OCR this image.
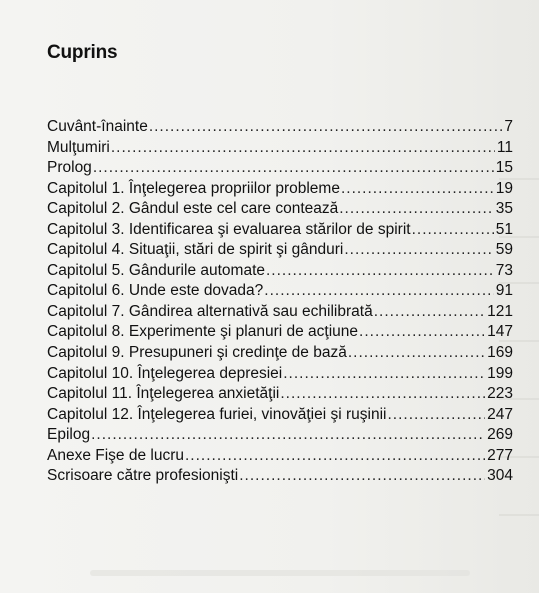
Cuprins
Cuvânt-înainte .....	7
Mulţumiri .....	11
Prolog .....	15
Capitolul 1. Înţelegerea propriilor probleme .....	19
Capitolul 2. Gândul este cel care contează .....	35
Capitolul 3. Identificarea şi evaluarea stărilor de spirit .....	51
Capitolul 4. Situaţii, stări de spirit şi gânduri .....	59
Capitolul 5. Gândurile automate .....	73
Capitolul 6. Unde este dovada? .....	91
Capitolul 7. Gândirea alternativă sau echilibrată .....	121
Capitolul 8. Experimente şi planuri de acţiune .....	147
Capitolul 9. Presupuneri şi credinţe de bază .....	169
Capitolul 10. Înţelegerea depresiei .....	199
Capitolul 11. Înţelegerea anxietăţii .....	223
Capitolul 12. Înţelegerea furiei, vinovăţiei şi ruşinii .....	247
Epilog .....	269
Anexe Fişe de lucru .....	277
Scrisoare către profesionişti .....	304
